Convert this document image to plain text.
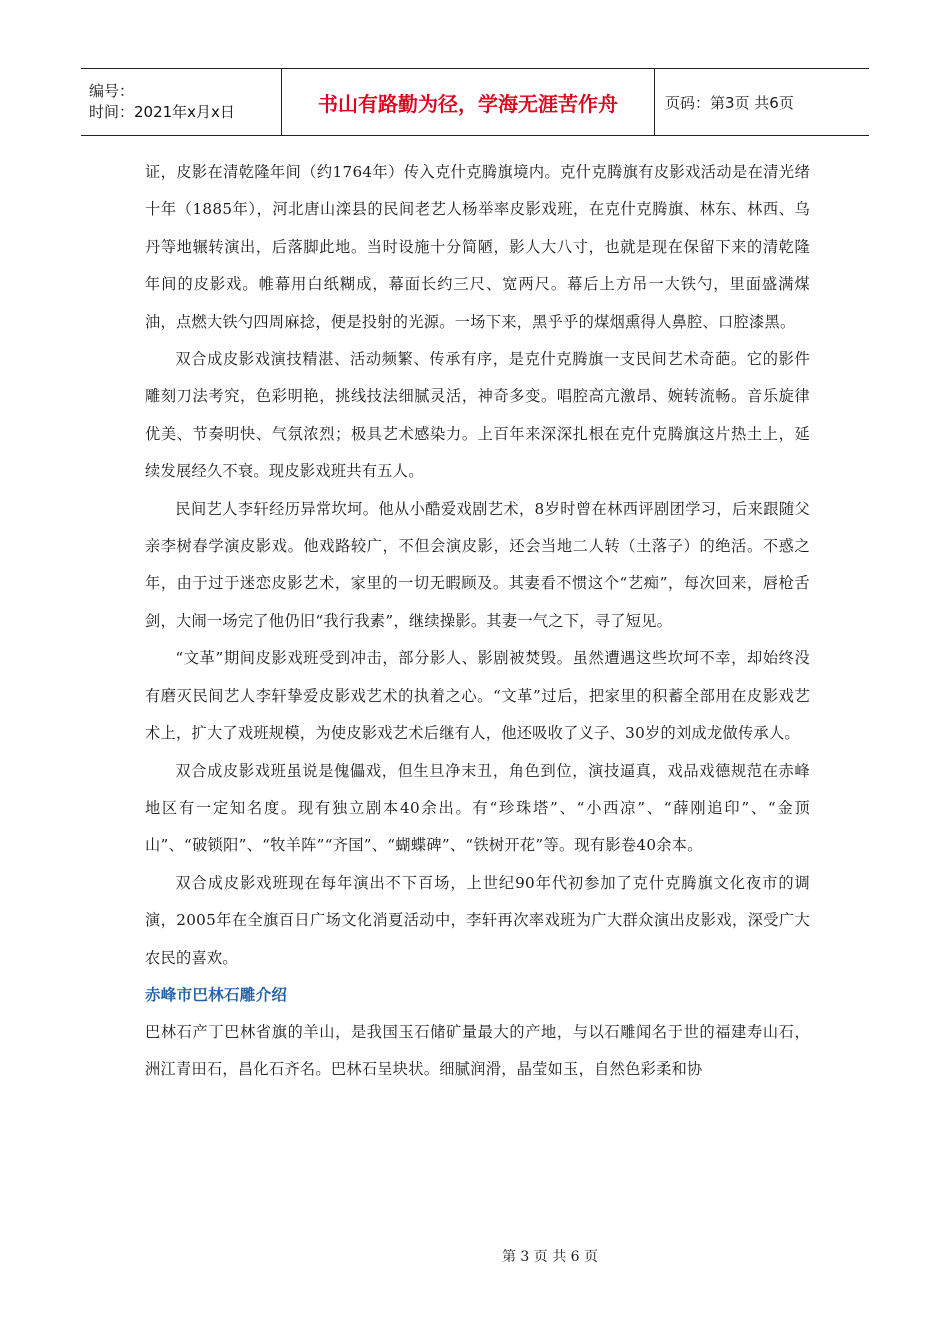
编号：
时间：2021年x月x日	书山有路勤为径，学海无涯苦作舟	页码：第3页 共6页

证，皮影在清乾隆年间（约1764年）传入克什克腾旗境内。克什克腾旗有皮影戏活动是在清光绪十年（1885年），河北唐山滦县的民间老艺人杨举率皮影戏班，在克什克腾旗、林东、林西、乌丹等地辗转演出，后落脚此地。当时设施十分简陋，影人大八寸，也就是现在保留下来的清乾隆年间的皮影戏。帷幕用白纸糊成，幕面长约三尺、宽两尺。幕后上方吊一大铁勺，里面盛满煤油，点燃大铁勺四周麻捻，便是投射的光源。一场下来，黑乎乎的煤烟熏得人鼻腔、口腔漆黑。

双合成皮影戏演技精湛、活动频繁、传承有序，是克什克腾旗一支民间艺术奇葩。它的影件雕刻刀法考究，色彩明艳，挑线技法细腻灵活，神奇多变。唱腔高亢激昂、婉转流畅。音乐旋律优美、节奏明快、气氛浓烈；极具艺术感染力。上百年来深深扎根在克什克腾旗这片热土上，延续发展经久不衰。现皮影戏班共有五人。

民间艺人李轩经历异常坎坷。他从小酷爱戏剧艺术，8岁时曾在林西评剧团学习，后来跟随父亲李树春学演皮影戏。他戏路较广，不但会演皮影，还会当地二人转（土落子）的绝活。不惑之年，由于过于迷恋皮影艺术，家里的一切无暇顾及。其妻看不惯这个“艺痴”，每次回来，唇枪舌剑，大闹一场完了他仍旧“我行我素”，继续操影。其妻一气之下，寻了短见。

“文革”期间皮影戏班受到冲击，部分影人、影剧被焚毁。虽然遭遇这些坎坷不幸，却始终没有磨灭民间艺人李轩挚爱皮影戏艺术的执着之心。“文革”过后，把家里的积蓄全部用在皮影戏艺术上，扩大了戏班规模，为使皮影戏艺术后继有人，他还吸收了义子、30岁的刘成龙做传承人。

双合成皮影戏班虽说是傀儡戏，但生旦净末丑，角色到位，演技逼真，戏品戏德规范在赤峰地区有一定知名度。现有独立剧本40余出。有“珍珠塔”、“小西凉”、“薛刚追印”、“金顶山”、“破锁阳”、“牧羊阵”“齐国”、“蝴蝶碑”、“铁树开花”等。现有影卷40余本。

双合成皮影戏班现在每年演出不下百场，上世纪90年代初参加了克什克腾旗文化夜市的调演，2005年在全旗百日广场文化消夏活动中，李轩再次率戏班为广大群众演出皮影戏，深受广大农民的喜欢。

赤峰市巴林石雕介绍

巴林石产丁巴林省旗的羊山，是我国玉石储矿量最大的产地，与以石雕闻名于世的福建寿山石，洲江青田石，昌化石齐名。巴林石呈块状。细腻润滑，晶莹如玉，自然色彩柔和协

第 3 页 共 6 页
